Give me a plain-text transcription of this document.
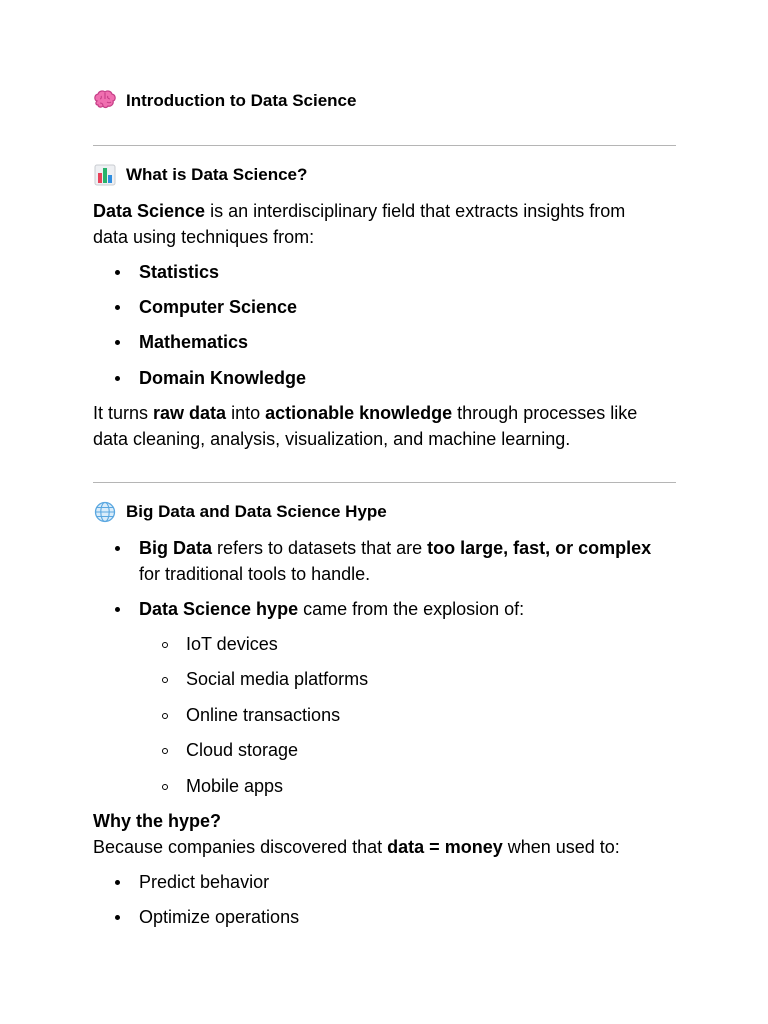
Introduction to Data Science
What is Data Science?
Data Science is an interdisciplinary field that extracts insights from
data using techniques from:
Statistics
Computer Science
Mathematics
Domain Knowledge
It turns raw data into actionable knowledge through processes like
data cleaning, analysis, visualization, and machine learning.
Big Data and Data Science Hype
Big Data refers to datasets that are too large, fast, or complex
for traditional tools to handle.
Data Science hype came from the explosion of:
IoT devices
Social media platforms
Online transactions
Cloud storage
Mobile apps
Why the hype?
Because companies discovered that data = money when used to:
Predict behavior
Optimize operations
